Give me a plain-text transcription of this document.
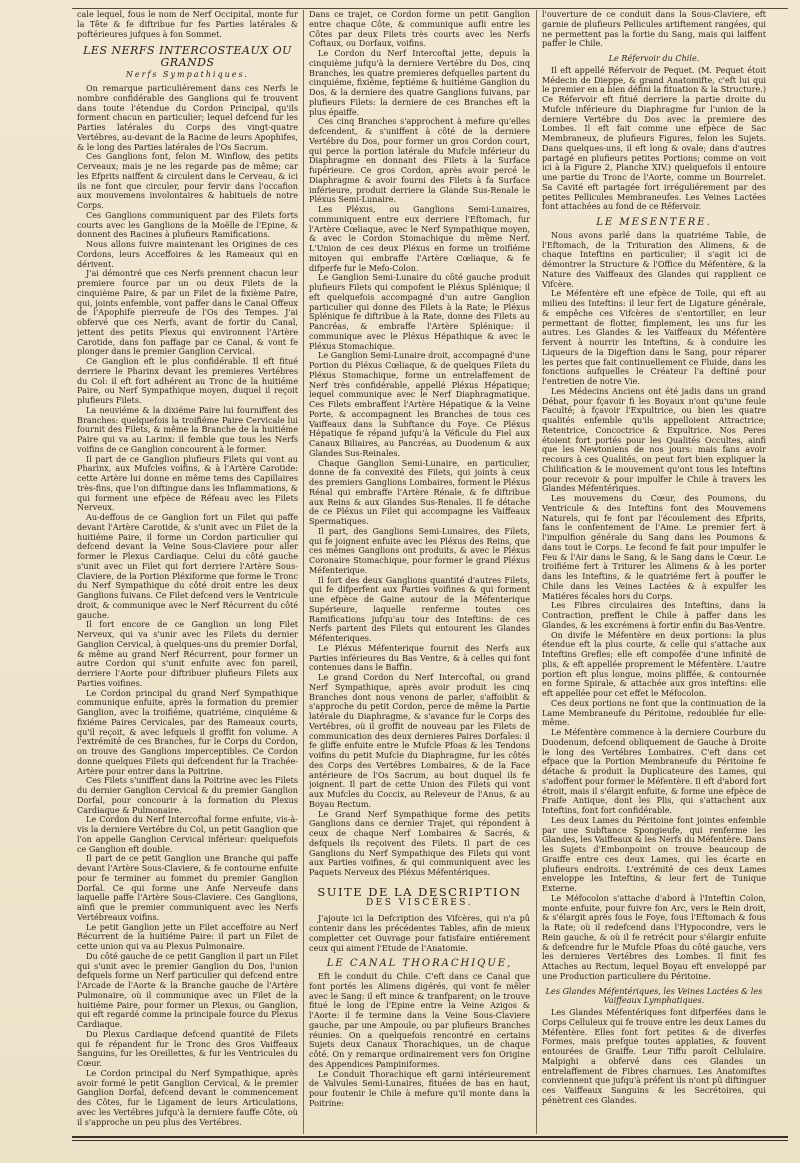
cale lequel, fous le nom de Nerf Occipital, monte fur la Tête & fe diftribue fur fes Parties latérales & poftérieures jufques à fon Sommet.

LES NERFS INTERCOSTEAUX OU GRANDS
Nerfs Sympathiques.

On remarque particuliérement dans ces Nerfs le nombre confidérable des Ganglions qui fe trouvent dans toute l'étendue du Cordon Principal, qu'ils forment chacun en particulier; lequel defcend fur les Parties latérales du Corps des vingt-quatre Vertébres, au-devant de la Racine de leurs Apophifes, & le long des Parties latérales de l'Os Sacrum.

Ces Ganglions font, felon M. Winflow, des petits Cerveaux; mais je ne les regarde pas de même; car les Efprits naiffent & circulent dans le Cerveau, & ici ils ne font que circuler, pour fervir dans l'occafion aux mouvemens involontaires & habituels de notre Corps.

Ces Ganglions communiquent par des Filets forts courts avec les Ganglions de la Moëlle de l'Epine, & donnent des Racines à plufieurs Ramifications.

Nous allons fuivre maintenant les Origines de ces Cordons, leurs Acceffoires & les Rameaux qui en dérivent.

J'ai démontré que ces Nerfs prennent chacun leur premiere fource par un ou deux Filets de la cinquième Paire, & par un Filet de la fixième Paire, qui, joints enfemble, vont paffer dans le Canal Offeux de l'Apophife pierreufe de l'Os des Tempes. J'ai obfervé que ces Nerfs, avant de fortir du Canal, jettent des petits Plexus qui environnent l'Artère Carotide, dans fon paffage par ce Canal, & vont fe plonger dans le premier Ganglion Cervical.

Ce Ganglion eft le plus confidérable. Il eft fitué derriere le Pharinx devant les premieres Vertébres du Col: il eft fort adhérent au Tronc de la huitiéme Paire, ou Nerf Sympathique moyen, duquel il reçoit plufieurs Filets.

La neuviéme & la dixiéme Paire lui fourniffent des Branches: quelquefois la troifiéme Paire Cervicale lui fournit des Filets, & même la Branche de la huitiéme Paire qui va au Larinx: il femble que tous les Nerfs voifins de ce Ganglion concourent à le former.

Il part de ce Ganglion plufieurs Filets qui vont au Pharinx, aux Mufcles voifins, & à l'Artère Carotide: cette Artère lui donne en même tems des Capillaires très-fins, que l'on diftingue dans les Inflammations, & qui forment une efpèce de Réfeau avec les Filets Nerveux.

Au-deffous de ce Ganglion fort un Filet qui paffe devant l'Artère Carotide, & s'unit avec un Filet de la huitiéme Paire, il forme un Cordon particulier qui defcend devant la Veine Sous-Claviere pour aller former le Plexus Cardiaque. Celui du côté gauche s'unit avec un Filet qui fort derriere l'Artère Sous-Claviere, de la Portion Pléxiforme que forme le Tronc du Nerf Sympathique du côté droit entre les deux Ganglions fuivans. Ce Filet defcend vers le Ventricule droit, & communique avec le Nerf Récurrent du côté gauche.

Il fort encore de ce Ganglion un long Filet Nerveux, qui va s'unir avec les Filets du dernier Ganglion Cervical, à quelques-uns du premier Dorfal, & même au grand Nerf Récurrent, pour former un autre Cordon qui s'unit enfuite avec fon pareil, derriere l'Aorte pour diftribuer plufieurs Filets aux Parties voifines.

Le Cordon principal du grand Nerf Sympathique communique enfuite, après la formation du premier Ganglion, avec la troifiéme, quatriéme, cinquiéme & fixiéme Paires Cervicales, par des Rameaux courts, qu'il reçoit, & avec lefquels il groffit fon volume. A l'extrémité de ces Branches, fur le Corps du Cordon, on trouve des Ganglions imperceptibles. Ce Cordon donne quelques Filets qui defcendent fur la Trachée-Artère pour entrer dans la Poitrine.

Ces Filets s'uniffent dans la Poitrine avec les Filets du dernier Ganglion Cervical & du premier Ganglion Dorfal, pour concourir à la formation du Plexus Cardiaque & Pulmonaire.

Le Cordon du Nerf Intercoftal forme enfuite, vis-à-vis la derniere Vertébre du Col, un petit Ganglion que l'on appelle Ganglion Cervical inférieur: quelquefois ce Ganglion eft double.

Il part de ce petit Ganglion une Branche qui paffe devant l'Artère Sous-Claviere, & fe contourne enfuite pour fe terminer au fommet du premier Ganglion Dorfal. Ce qui forme une Anfe Nerveufe dans laquelle paffe l'Artère Sous-Claviere. Ces Ganglions, ainfi que le premier communiquent avec les Nerfs Vertébreaux voifins.

Le petit Ganglion jette un Filet acceffoire au Nerf Récurrent de la huitiéme Paire: il part un Filet de cette union qui va au Plexus Pulmonaire.

Du côté gauche de ce petit Ganglion il part un Filet qui s'unit avec le premier Ganglion du Dos, l'union defquels forme un Nerf particulier qui defcend entre l'Arcade de l'Aorte & la Branche gauche de l'Artère Pulmonaire, où il communique avec un Filet de la huitiéme Paire, pour former un Plexus, ou Ganglion, qui eft regardé comme la principale fource du Plexus Cardiaque.

Du Plexus Cardiaque defcend quantité de Filets qui fe répandent fur le Tronc des Gros Vaiffeaux Sanguins, fur les Oreillettes, & fur les Ventricules du Cœur.

Le Cordon principal du Nerf Sympathique, après avoir formé le petit Ganglion Cervical, & le premier Ganglion Dorfal, defcend devant le commencement des Côtes, fur le Ligament de leurs Articulations, avec les Vertébres jufqu'à la derniere fauffe Côte, où il s'approche un peu plus des Vertébres.

Dans ce trajet, ce Cordon forme un petit Ganglion entre chaque Côte, & communique aufli entre les Côtes par deux Filets très courts avec les Nerfs Coftaux, ou Dorfaux, voifins.

Le Cordon du Nerf Intercoftal jette, depuis la cinquième jufqu'à la derniere Vertébre du Dos, cinq Branches, les quatre premieres defquelles partent du cinquiéme, fixiéme, feptiéme & huitiéme Ganglion du Dos, & la derniere des quatre Ganglions fuivans, par plufieurs Filets: la derniere de ces Branches eft la plus épaiffe.

Ces cinq Branches s'approchent à mefure qu'elles defcendent, & s'uniffent à côté de la derniere Vertébre du Dos, pour former un gros Cordon court, qui perce la portion latérale du Mufcle inférieur du Diaphragme en donnant des Filets à la Surface fupérieure. Ce gros Cordon, après avoir percé le Diaphragme & avoir fourni des Filets à fa Surface inférieure, produit derriere la Glande Sus-Renale le Pléxus Semi-Lunaire.

Les Pléxus, ou Ganglions Semi-Lunaires, communiquent entre eux derriere l'Eftomach, fur l'Artère Cœliaque, avec le Nerf Sympathique moyen, & avec le Cordon Stomachique du même Nerf. L'Union de ces deux Pléxus en forme un troifiéme mitoyen qui embraffe l'Artère Cœliaque, & fe difperfe fur le Mefo-Colon.

Le Ganglion Semi-Lunaire du côté gauche produit plufieurs Filets qui compofent le Pléxus Splénique; il eft quelquefois accompagné d'un autre Ganglion particulier qui donne des Filets à la Rate; le Pléxus Splénique fe diftribue à la Rate, donne des Filets au Pancréas, & embraffe l'Artère Splénique: il communique avec le Pléxus Hépathique & avec le Pléxus Stomachique.

Le Ganglion Semi-Lunaire droit, accompagné d'une Portion du Pléxus Cœliaque, & de quelques Filets du Pléxus Stomachique, forme un entrelaffement de Nerf très confidérable, appellé Pléxus Hépatique; lequel communique avec le Nerf Diaphragmatique. Ces Filets embraffent l'Artère Hépatique & la Veine Porte, & accompagnent les Branches de tous ces Vaiffeaux dans la Subftance du Foye. Ce Pléxus Hépatique fe répand jufqu'à la Véficule du Fiel aux Canaux Biliaires, au Pancréas, au Duodenum & aux Glandes Sus-Reinales.

Chaque Ganglion Semi-Lunaire, en particulier, donne de fa convexité des Filets, qui joints à ceux des premiers Ganglions Lombaires, forment le Pléxus Rénal qui embraffe l'Artère Rénale, & fe diftribue aux Reins & aux Glandes Sus-Renales. Il fe détache de ce Pléxus un Filet qui accompagne les Vaiffeaux Spermatiques.

Il part, des Ganglions Semi-Lunaires, des Filets, qui fe joignent enfuite avec les Pléxus des Reins, que ces mêmes Ganglions ont produits, & avec le Pléxus Coronaire Stomachique, pour former le grand Pléxus Méfenterique.

Il fort des deux Ganglions quantité d'autres Filets, qui fe difperfent aux Parties voifines & qui forment une efpèce de Gaine autour de la Méfenterique Supérieure, laquelle renferme toutes ces Ramifications jufqu'au tour des Inteftins: de ces Nerfs partent des Filets qui entourent les Glandes Méfenteriques.

Le Pléxus Méfenterique fournit des Nerfs aux Parties inférieures du Bas Ventre, & à celles qui font contenues dans le Baffin.

Le grand Cordon du Nerf Intercoftal, ou grand Nerf Sympathique, après avoir produit les cinq Branches dont nous venons de parler, s'affoiblit & s'approche du petit Cordon, perce de même la Partie latérale du Diaphragme, & s'avance fur le Corps des Vertébres, où il groffit de nouveau par les Filets de communication des deux dernieres Paires Dorfales: il fe gliffe enfuite entre le Mufcle Pfoas & les Tendons voifins du petit Mufcle du Diaphragme, fur les côtés des Corps des Vertébres Lombaires, & de la Face antérieure de l'Os Sacrum, au bout duquel ils fe joignent. Il part de cette Union des Filets qui vont aux Mufcles du Coccix, au Releveur de l'Anus, & au Boyau Rectum.

Le Grand Nerf Sympathique forme des petits Ganglions dans ce dernier Trajet, qui répondent à ceux de chaque Nerf Lombaires & Sacrés, & defquels ils reçoivent des Filets. Il part de ces Ganglions du Nerf Sympathique des Filets qui vont aux Parties voifines, & qui communiquent avec les Paquets Nerveux des Pléxus Méfentériques.

SUITE DE LA DESCRIPTION
DES VISCÈRES.

J'ajoute ici la Defcription des Vifcères, qui n'a pû contenir dans les précédentes Tables, afin de mieux completter cet Ouvrage pour fatisfaire entiérement ceux qui aiment l'Etude de l'Anatomie.

LE CANAL THORACHIQUE,

Eft le conduit du Chile. C'eft dans ce Canal que font portés les Alimens digérés, qui vont fe mêler avec le Sang: il eft mince & tranfparent; on le trouve fitué le long de l'Epine entre la Veine Azigos & l'Aorte: il fe termine dans la Veine Sous-Claviere gauche, par une Ampoule, ou par plufieurs Branches réunies. On a quelquefois rencontré en certains Sujets deux Canaux Thorachiques, un de chaque côté. On y remarque ordinairement vers fon Origine des Appendices Pampiniformes.

Le Conduit Thorachique eft garni intérieurement de Valvules Semi-Lunaires, fituées de bas en haut, pour foutenir le Chile à mefure qu'il monte dans la Poitrine:

l'ouverture de ce conduit dans la Sous-Claviere, eft garnie de plufieurs Pellicules artiftement rangées, qui ne permettent pas la fortie du Sang, mais qui laiffent paffer le Chile.

Le Réfervoir du Chile.

Il eft appellé Réfervoir de Pequet. (M. Pequet étoit Médecin de Dieppe, & grand Anatomifte, c'eft lui qui le premier en a bien défini la fituation & la Structure.) Ce Réfervoir eft fitué derriere la partie droite du Mufcle inférieure du Diaphragme fur l'union de la derniere Vertébre du Dos avec la premiere des Lombes. Il eft fait comme une efpèce de Sac Membraneux, de plufieurs Figures, felon les Sujets. Dans quelques-uns, il eft long & ovale; dans d'autres partagé en plufieurs petites Portions; comme on voit ici à la Figure 2, Planche XIV.) quelquefois il entoure une partie du Tronc de l'Aorte, comme un Bourrelet. Sa Cavité eft partagée fort irréguliérement par des petites Pellicules Membraneufes. Les Veines Lactées font attachées au fond de ce Réfervoir.

LE MESENTERE.

Nous avons parlé dans la quatriéme Table, de l'Eftomach, de la Trituration des Alimens, & de chaque Inteftins en particulier; il s'agit ici de démontrer la Structure & l'Office du Méfentère, & la Nature des Vaiffeaux des Glandes qui rapplient ce Vifcère.

Le Méfentère eft une efpèce de Toile, qui eft au milieu des Inteftins: il leur fert de Ligature générale, & empêche ces Vifcères de s'entortiller, en leur permettant de flotter, fimplement, les uns fur les autres. Les Glandes & les Vaiffeaux du Méfentère fervent à nourrir les Inteftins, & à conduire les Liqueurs de la Digeftion dans le Sang, pour réparer les pertes que fait continuellement ce Fluide, dans les fonctions aufquelles le Créateur l'a deftiné pour l'entretien de notre Vie.

Les Médecins Anciens ont été jadis dans un grand Débat, pour fçavoir fi les Boyaux n'ont qu'une feule Faculté; à fçavoir l'Expultrice, ou bien les quatre qualités enfemble qu'ils appelloient Attractrice; Retentrice, Concoctrice & Expultrice. Nos Peres étoient fort portés pour les Qualités Occultes, ainfi que les Newtoniens de nos jours: mais fans avoir recours à ces Qualités, on peut fort bien expliquer la Chilification & le mouvement qu'ont tous les Inteftins pour recevoir & pour impulfer le Chile à travers les Glandes Méfentériques.

Les mouvemens du Cœur, des Poumons, du Ventricule & des Inteftins font des Mouvemens Naturels, qui fe font par l'écoulement des Efprits, fans le confentement de l'Ame. Le premier fert à l'impulfion générale du Sang dans les Poumons & dans tout le Corps. Le fecond fe fait pour impulfer le Feu & l'Air dans le Sang, & le Sang dans le Cœur. Le troifiéme fert à Triturer les Alimens & à les porter dans les Inteftins, & le quatriéme fert à pouffer le Chile dans les Veines Lactées & à expulfer les Matiéres fécales hors du Corps.

Les Fibres circulaires des Inteftins, dans la Contraction, preffent le Chile à paffer dans les Glandes, & les excrémens à fortir enfin du Bas-Ventre.

On divife le Méfentère en deux portions: la plus étendue eft la plus courte, & celle qui s'attache aux Inteftins Grefles; elle eft compofée d'une infinité de plis, & eft appellée proprement le Méfentère. L'autre portion eft plus longue, moins pliffée, & contournée en forme Spirale, & attachée aux gros inteftins: elle eft appellée pour cet effet le Méfocolon.

Ces deux portions ne font que la continuation de la Lame Membraneufe du Péritoine, redoublée fur elle-même.

Le Méfentère commence à la derniere Courbure du Duodenum, defcend obliquement de Gauche à Droite le long des Vertébres Lombaires. C'eft dans cet efpace que la Portion Membraneufe du Péritoine fe détache & produit la Duplicateure des Lames, qui s'adoffent pour former le Méfentère. Il eft d'abord fort étroit, mais il s'élargit enfuite, & forme une efpèce de Fraife Antique, dont les Plis, qui s'attachent aux Inteftins, font fort confidérable.

Les deux Lames du Péritoine font jointes enfemble par une Subftance Spongieufe, qui renferme les Glandes, les Vaiffeaux & les Nerfs du Méfentère. Dans les Sujets d'Embonpoint on trouve beaucoup de Graiffe entre ces deux Lames, qui les écarte en plufieurs endroits. L'extrémité de ces deux Lames enveloppe les Inteftins, & leur fert de Tunique Externe.

Le Méfocolon s'attache d'abord à l'Inteftin Colon, monte enfuite, pour fuivre fon Arc, vers le Rein droit, & s'élargit après fous le Foye, fous l'Eftomach & fous la Rate; où il redefcend dans l'Hypocondre, vers le Rein gauche, & où il fe retrécit pour s'élargir enfuite & defcendre fur le Mufcle Pfoas du côté gauche, vers les dernieres Vertébres des Lombes. Il finit fes Attaches au Rectum, lequel Boyau eft enveloppé par une Production particuliere du Péritoine.

Les Glandes Méfentériques, les Veines Lactées & les Vaiffeaux Lymphatiques.

Les Glandes Méfentériques font difperfées dans le Corps Celluleux qui fe trouve entre les deux Lames du Méfentère. Elles font fort petites & de diverfes Formes, mais prefque toutes applaties, & fouvent entourées de Graiffe. Leur Tiffu paroît Cellulaire. Malpighi a obfervé dans ces Glandes un entrelaffement de Fibres charnues. Les Anatomiftes conviennent que jufqu'à préfent ils n'ont pû diftinguer ces Vaiffeaux Sanguins & les Secrétoires, qui pénètrent ces Glandes.
